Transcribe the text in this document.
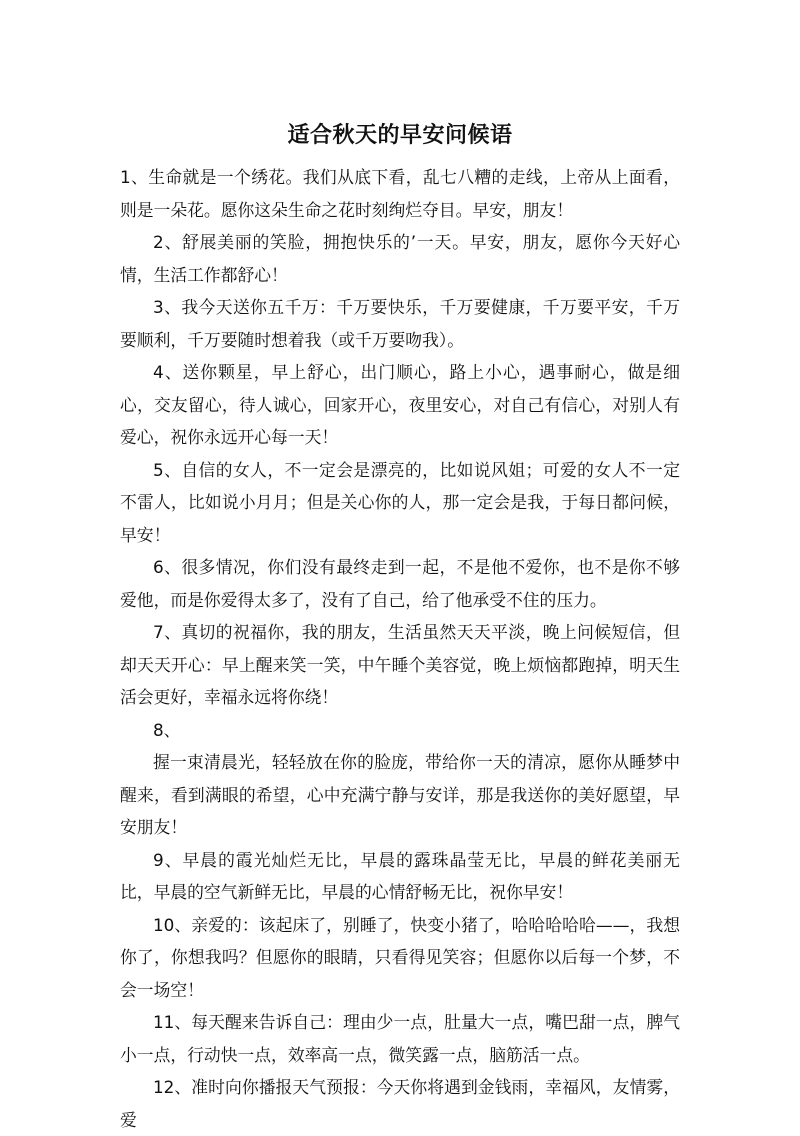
适合秋天的早安问候语

1、生命就是一个绣花。我们从底下看，乱七八糟的走线，上帝从上面看，则是一朵花。愿你这朵生命之花时刻绚烂夺目。早安，朋友！

2、舒展美丽的笑脸，拥抱快乐的’一天。早安，朋友，愿你今天好心情，生活工作都舒心！

3、我今天送你五千万：千万要快乐，千万要健康，千万要平安，千万要顺利，千万要随时想着我（或千万要吻我）。

4、送你颗星，早上舒心，出门顺心，路上小心，遇事耐心，做是细心，交友留心，待人诚心，回家开心，夜里安心，对自己有信心，对别人有爱心，祝你永远开心每一天！

5、自信的女人，不一定会是漂亮的，比如说风姐；可爱的女人不一定不雷人，比如说小月月；但是关心你的人，那一定会是我，于每日都问候，早安！

6、很多情况，你们没有最终走到一起，不是他不爱你，也不是你不够爱他，而是你爱得太多了，没有了自己，给了他承受不住的压力。

7、真切的祝福你，我的朋友，生活虽然天天平淡，晚上问候短信，但却天天开心：早上醒来笑一笑，中午睡个美容觉，晚上烦恼都跑掉，明天生活会更好，幸福永远将你绕！

8、

握一束清晨光，轻轻放在你的脸庞，带给你一天的清凉，愿你从睡梦中醒来，看到满眼的希望，心中充满宁静与安详，那是我送你的美好愿望，早安朋友！

9、早晨的霞光灿烂无比，早晨的露珠晶莹无比，早晨的鲜花美丽无比，早晨的空气新鲜无比，早晨的心情舒畅无比，祝你早安！

10、亲爱的：该起床了，别睡了，快变小猪了，哈哈哈哈哈——，我想你了，你想我吗？但愿你的眼睛，只看得见笑容；但愿你以后每一个梦，不会一场空！

11、每天醒来告诉自己：理由少一点，肚量大一点，嘴巴甜一点，脾气小一点，行动快一点，效率高一点，微笑露一点，脑筋活一点。

12、准时向你播报天气预报：今天你将遇到金钱雨，幸福风，友情雾，爱
